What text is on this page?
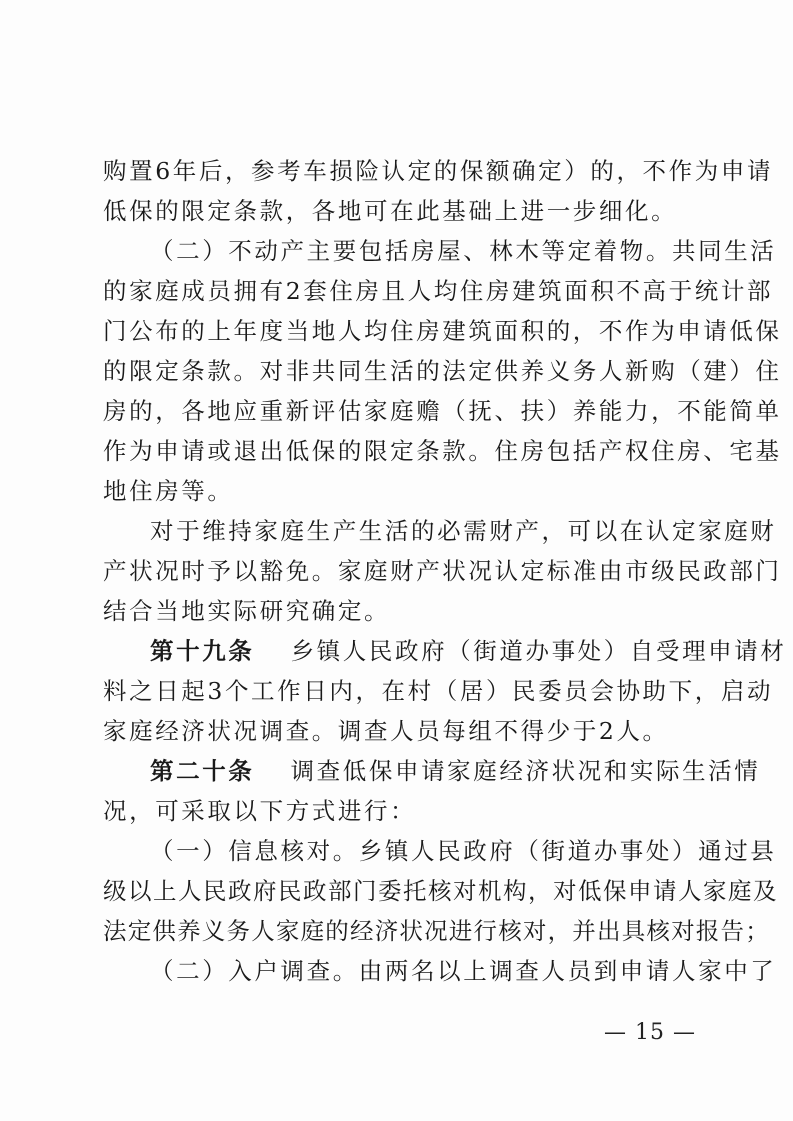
购置6年后，参考车损险认定的保额确定）的，不作为申请
低保的限定条款，各地可在此基础上进一步细化。
（二）不动产主要包括房屋、林木等定着物。共同生活
的家庭成员拥有2套住房且人均住房建筑面积不高于统计部
门公布的上年度当地人均住房建筑面积的，不作为申请低保
的限定条款。对非共同生活的法定供养义务人新购（建）住
房的，各地应重新评估家庭赡（抚、扶）养能力，不能简单
作为申请或退出低保的限定条款。住房包括产权住房、宅基
地住房等。
对于维持家庭生产生活的必需财产，可以在认定家庭财
产状况时予以豁免。家庭财产状况认定标准由市级民政部门
结合当地实际研究确定。
第十九条　 乡镇人民政府（街道办事处）自受理申请材
料之日起3个工作日内，在村（居）民委员会协助下，启动
家庭经济状况调查。调查人员每组不得少于2人。
第二十条　 调查低保申请家庭经济状况和实际生活情
况，可采取以下方式进行：
（一）信息核对。乡镇人民政府（街道办事处）通过县
级以上人民政府民政部门委托核对机构，对低保申请人家庭及
法定供养义务人家庭的经济状况进行核对，并出具核对报告；
（二）入户调查。由两名以上调查人员到申请人家中了
— 15 —
